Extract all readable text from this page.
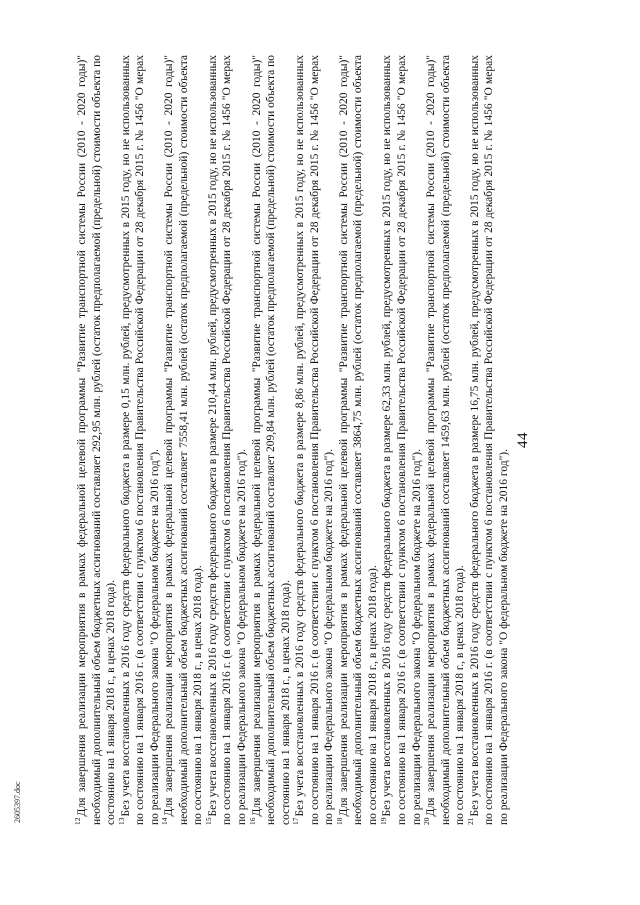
$^{12}$Для завершения реализации мероприятия в рамках федеральной целевой программы "Развитие транспортной системы России (2010 - 2020 годы)" необходимый дополнительный объем бюджетных ассигнований составляет 292,95 млн. рублей (остаток предполагаемой (предельной) стоимости объекта по состоянию на 1 января 2018 г., в ценах 2018 года). $^{13}$Без учета восстановленных в 2016 году средств федерального бюджета в размере 0,15 млн. рублей, предусмотренных в 2015 году, но не использованных по состоянию на 1 января 2016 г. (в соответствии с пунктом 6 постановления Правительства Российской Федерации от 28 декабря 2015 г. № 1456 "О мерах по реализации Федерального закона "О федеральном бюджете на 2016 год"). $^{14}$Для завершения реализации мероприятия в рамках федеральной целевой программы "Развитие транспортной системы России (2010 - 2020 годы)" необходимый дополнительный объем бюджетных ассигнований составляет 7558,41 млн. рублей (остаток предполагаемой (предельной) стоимости объекта по состоянию на 1 января 2018 г., в ценах 2018 года). $^{15}$Без учета восстановленных в 2016 году средств федерального бюджета в размере 210,44 млн. рублей, предусмотренных в 2015 году, но не использованных по состоянию на 1 января 2016 г. (в соответствии с пунктом 6 постановления Правительства Российской Федерации от 28 декабря 2015 г. № 1456 "О мерах по реализации Федерального закона "О федеральном бюджете на 2016 год"). $^{16}$Для завершения реализации мероприятия в рамках федеральной целевой программы "Развитие транспортной системы России (2010 - 2020 годы)" необходимый дополнительный объем бюджетных ассигнований составляет 209,84 млн. рублей (остаток предполагаемой (предельной) стоимости объекта по состоянию на 1 января 2018 г., в ценах 2018 года). $^{17}$Без учета восстановленных в 2016 году средств федерального бюджета в размере 8,86 млн. рублей, предусмотренных в 2015 году, но не использованных по состоянию на 1 января 2016 г. (в соответствии с пунктом 6 постановления Правительства Российской Федерации от 28 декабря 2015 г. № 1456 "О мерах по реализации Федерального закона "О федеральном бюджете на 2016 год"). $^{18}$Для завершения реализации мероприятия в рамках федеральной целевой программы "Развитие транспортной системы России (2010 - 2020 годы)" необходимый дополнительный объем бюджетных ассигнований составляет 3864,75 млн. рублей (остаток предполагаемой (предельной) стоимости объекта по состоянию на 1 января 2018 г., в ценах 2018 года). $^{19}$Без учета восстановленных в 2016 году средств федерального бюджета в размере 62,33 млн. рублей, предусмотренных в 2015 году, но не использованных по состоянию на 1 января 2016 г. (в соответствии с пунктом 6 постановления Правительства Российской Федерации от 28 декабря 2015 г. № 1456 "О мерах по реализации Федерального закона "О федеральном бюджете на 2016 год"). $^{20}$Для завершения реализации мероприятия в рамках федеральной целевой программы "Развитие транспортной системы России (2010 - 2020 годы)" необходимый дополнительный объем бюджетных ассигнований составляет 1459,63 млн. рублей (остаток предполагаемой (предельной) стоимости объекта по состоянию на 1 января 2018 г., в ценах 2018 года). $^{21}$Без учета восстановленных в 2016 году средств федерального бюджета в размере 16,75 млн. рублей, предусмотренных в 2015 году, но не использованных по состоянию на 1 января 2016 г. (в соответствии с пунктом 6 постановления Правительства Российской Федерации от 28 декабря 2015 г. № 1456 "О мерах по реализации Федерального закона "О федеральном бюджете на 2016 год").

44
2605397.doc
